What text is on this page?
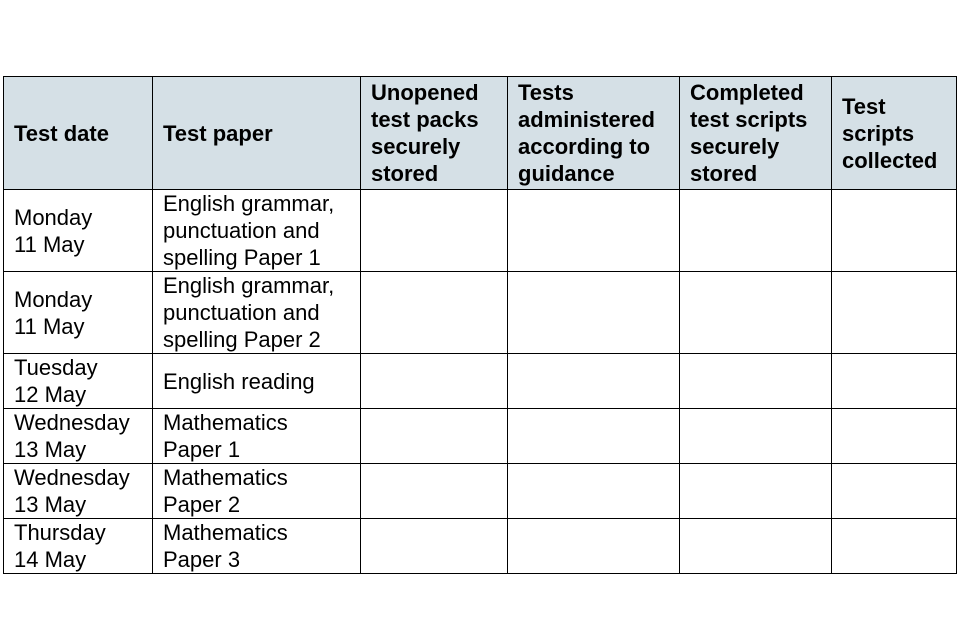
Test date	Test paper	Unopened test packs securely stored	Tests administered according to guidance	Completed test scripts securely stored	Test scripts collected

Monday
11 May	English grammar, punctuation and spelling Paper 1				

Monday
11 May	English grammar, punctuation and spelling Paper 2				

Tuesday
12 May	English reading				

Wednesday
13 May	Mathematics
Paper 1				

Wednesday
13 May	Mathematics
Paper 2				

Thursday
14 May	Mathematics
Paper 3				
